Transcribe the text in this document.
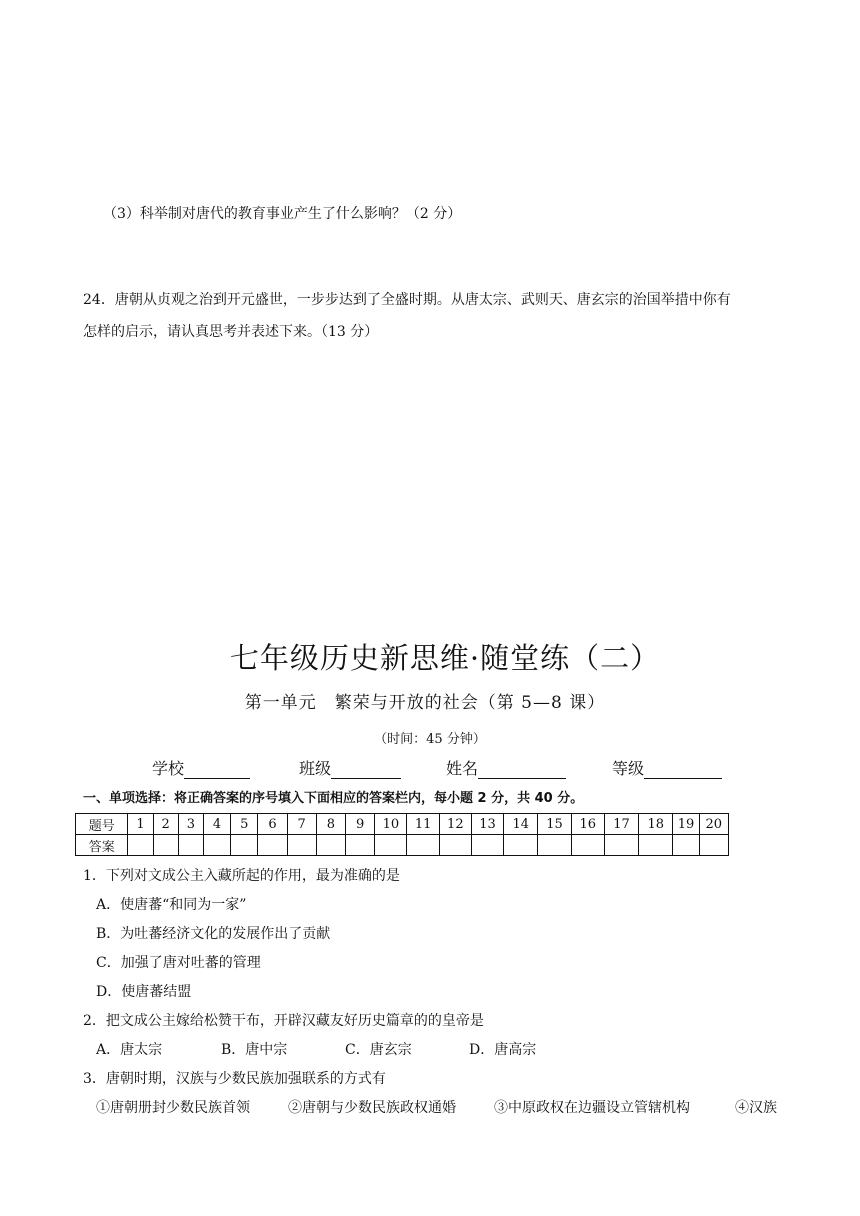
（3）科举制对唐代的教育事业产生了什么影响？（2 分）
24．唐朝从贞观之治到开元盛世，一步步达到了全盛时期。从唐太宗、武则天、唐玄宗的治国举措中你有
怎样的启示，请认真思考并表述下来。（13 分）
七年级历史新思维·随堂练（二）
第一单元　繁荣与开放的社会（第 5—8 课）
（时间：45 分钟）
学校	班级	姓名	等级
一、单项选择：将正确答案的序号填入下面相应的答案栏内，每小题 2 分，共 40 分。
题号	1	2	3	4	5	6	7	8	9	10	11	12	13	14	15	16	17	18	19	20
答案																				
1．下列对文成公主入藏所起的作用，最为准确的是
A．使唐蕃“和同为一家”
B．为吐蕃经济文化的发展作出了贡献
C．加强了唐对吐蕃的管理
D．使唐蕃结盟
2．把文成公主嫁给松赞干布，开辟汉藏友好历史篇章的的皇帝是
A．唐太宗	B．唐中宗	C．唐玄宗	D．唐高宗
3．唐朝时期，汉族与少数民族加强联系的方式有
①唐朝册封少数民族首领	②唐朝与少数民族政权通婚	③中原政权在边疆设立管辖机构	④汉族
